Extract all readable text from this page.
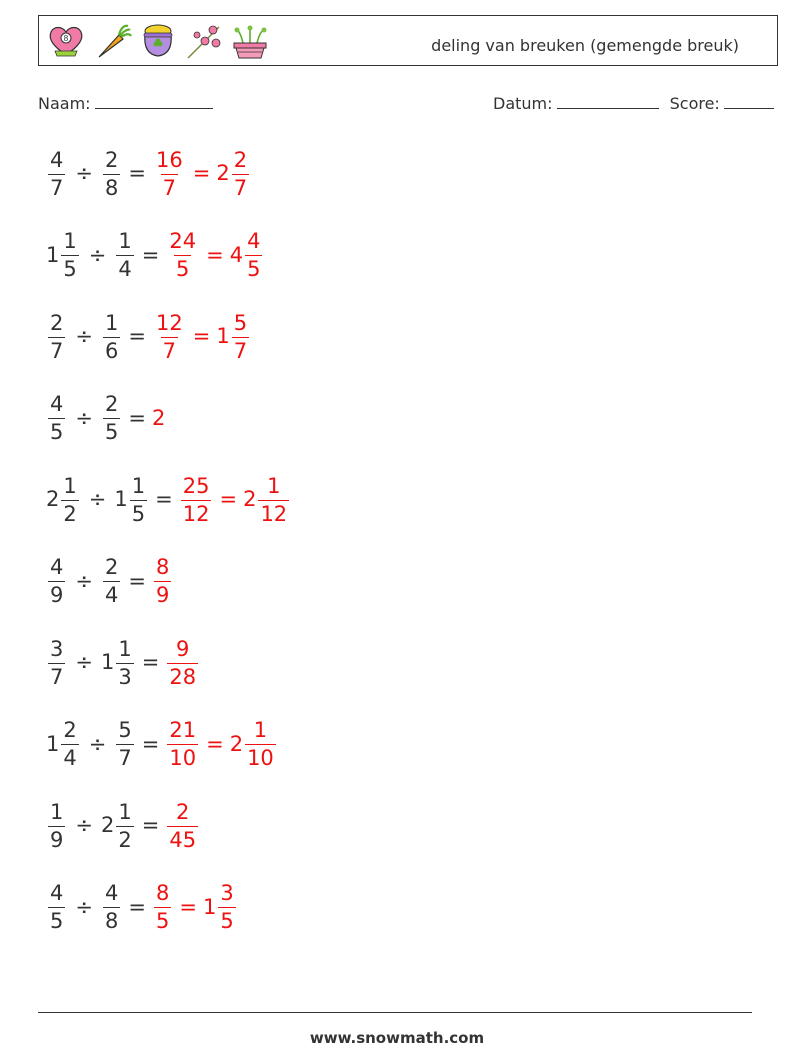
8	deling van breuken (gemengde breuk)
Naam:	Datum:	Score:
$\frac{4}{7} \div \frac{2}{8} = \frac{16}{7} = 2 \frac{2}{7}$
$1 \frac{1}{5} \div \frac{1}{4} = \frac{24}{5} = 4 \frac{4}{5}$
$\frac{2}{7} \div \frac{1}{6} = \frac{12}{7} = 1 \frac{5}{7}$
$\frac{4}{5} \div \frac{2}{5} = 2$
$2 \frac{1}{2} \div 1 \frac{1}{5} = \frac{25}{12} = 2 \frac{1}{12}$
$\frac{4}{9} \div \frac{2}{4} = \frac{8}{9}$
$\frac{3}{7} \div 1 \frac{1}{3} = \frac{9}{28}$
$1 \frac{2}{4} \div \frac{5}{7} = \frac{21}{10} = 2 \frac{1}{10}$
$\frac{1}{9} \div 2 \frac{1}{2} = \frac{2}{45}$
$\frac{4}{5} \div \frac{4}{8} = \frac{8}{5} = 1 \frac{3}{5}$
www.snowmath.com
